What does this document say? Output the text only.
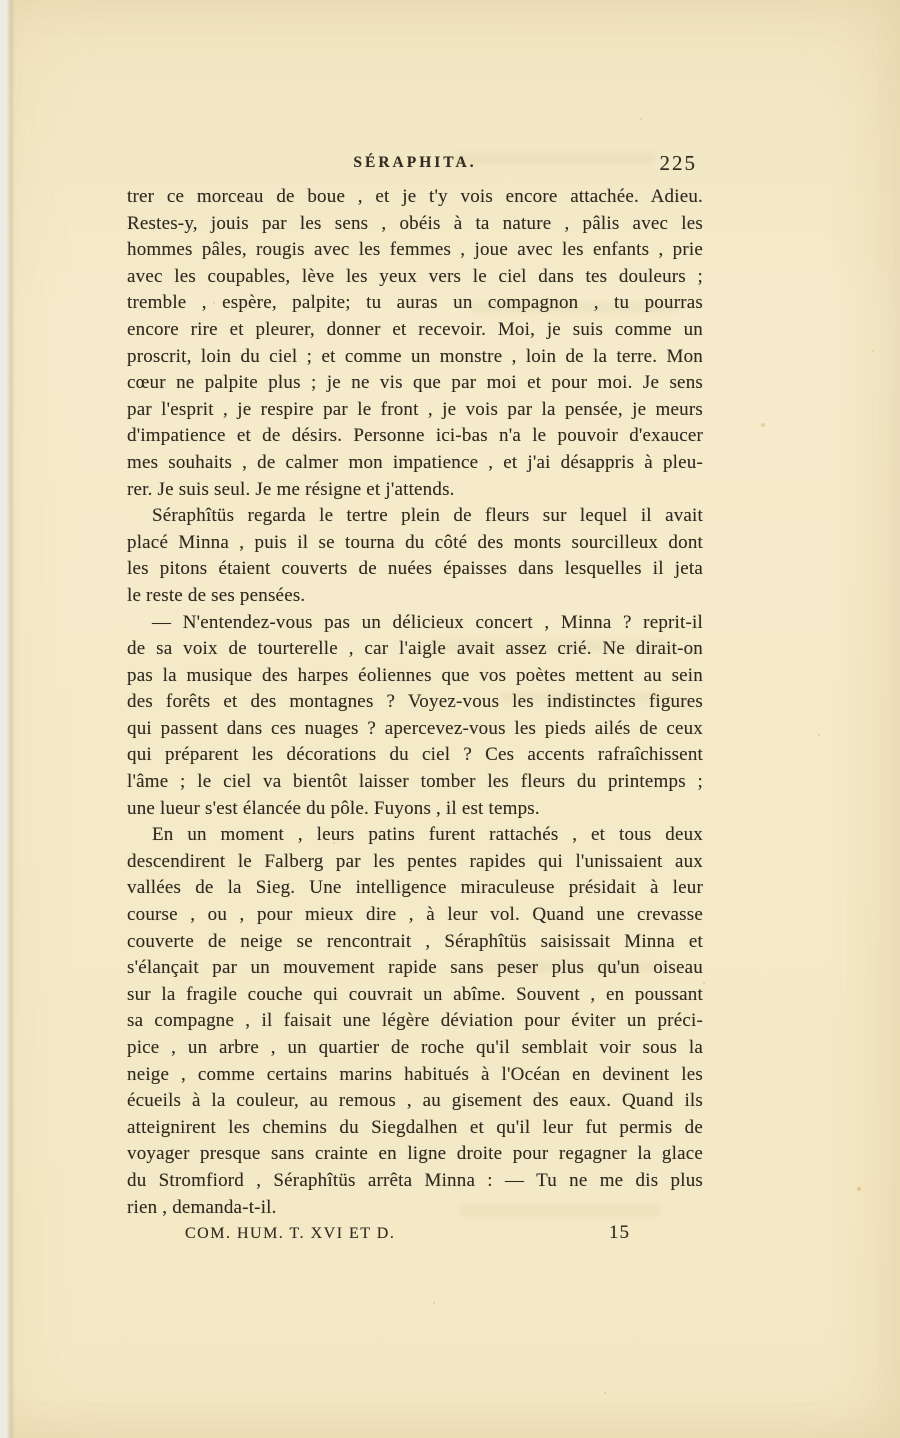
SÉRAPHITA.	225
trer ce morceau de boue , et je t'y vois encore attachée. Adieu.
Restes-y, jouis par les sens , obéis à ta nature , pâlis avec les
hommes pâles, rougis avec les femmes , joue avec les enfants , prie
avec les coupables, lève les yeux vers le ciel dans tes douleurs ;
tremble , espère, palpite; tu auras un compagnon , tu pourras
encore rire et pleurer, donner et recevoir. Moi, je suis comme un
proscrit, loin du ciel ; et comme un monstre , loin de la terre. Mon
cœur ne palpite plus ; je ne vis que par moi et pour moi. Je sens
par l'esprit , je respire par le front , je vois par la pensée, je meurs
d'impatience et de désirs. Personne ici-bas n'a le pouvoir d'exaucer
mes souhaits , de calmer mon impatience , et j'ai désappris à pleu-
rer. Je suis seul. Je me résigne et j'attends.
Séraphîtüs regarda le tertre plein de fleurs sur lequel il avait
placé Minna , puis il se tourna du côté des monts sourcilleux dont
les pitons étaient couverts de nuées épaisses dans lesquelles il jeta
le reste de ses pensées.
— N'entendez-vous pas un délicieux concert , Minna ? reprit-il
de sa voix de tourterelle , car l'aigle avait assez crié. Ne dirait-on
pas la musique des harpes éoliennes que vos poètes mettent au sein
des forêts et des montagnes ? Voyez-vous les indistinctes figures
qui passent dans ces nuages ? apercevez-vous les pieds ailés de ceux
qui préparent les décorations du ciel ? Ces accents rafraîchissent
l'âme ; le ciel va bientôt laisser tomber les fleurs du printemps ;
une lueur s'est élancée du pôle. Fuyons , il est temps.
En un moment , leurs patins furent rattachés , et tous deux
descendirent le Falberg par les pentes rapides qui l'unissaient aux
vallées de la Sieg. Une intelligence miraculeuse présidait à leur
course , ou , pour mieux dire , à leur vol. Quand une crevasse
couverte de neige se rencontrait , Séraphîtüs saisissait Minna et
s'élançait par un mouvement rapide sans peser plus qu'un oiseau
sur la fragile couche qui couvrait un abîme. Souvent , en poussant
sa compagne , il faisait une légère déviation pour éviter un préci-
pice , un arbre , un quartier de roche qu'il semblait voir sous la
neige , comme certains marins habitués à l'Océan en devinent les
écueils à la couleur, au remous , au gisement des eaux. Quand ils
atteignirent les chemins du Siegdalhen et qu'il leur fut permis de
voyager presque sans crainte en ligne droite pour regagner la glace
du Stromfiord , Séraphîtüs arrêta Minna : — Tu ne me dis plus
rien , demanda-t-il.
COM. HUM. T. XVI ET D.	15
